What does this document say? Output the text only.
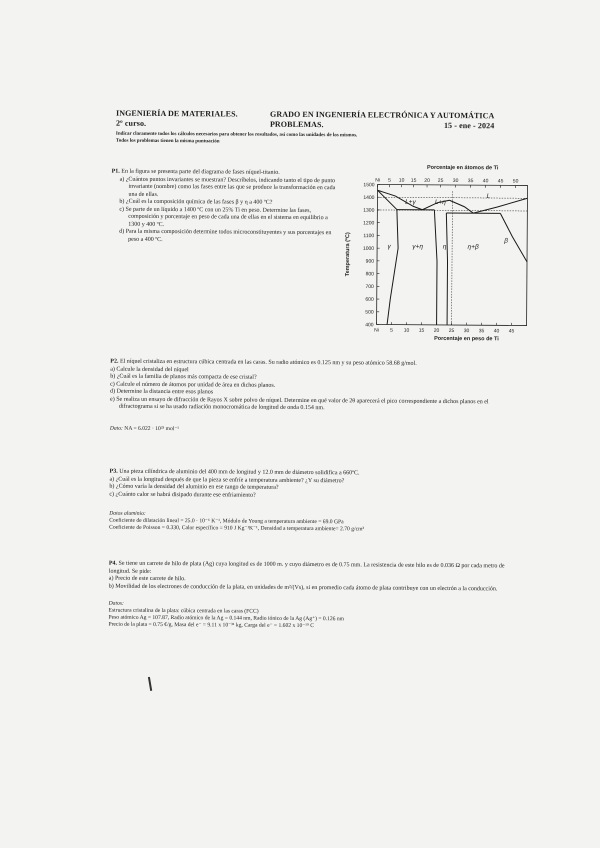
INGENIERÍA DE MATERIALES.
2º curso.
GRADO EN INGENIERÍA ELECTRÓNICA Y AUTOMÁTICA
PROBLEMAS.	15 - ene - 2024
Indicar claramente todos los cálculos necesarios para obtener los resultados, así como las unidades de los mismos.
Todos los problemas tienen la misma puntuación
P1. En la figura se presenta parte del diagrama de fases níquel-titanio.
a) ¿Cuántos puntos invariantes se muestran? Descríbelos, indicando tanto el tipo de punto invariante (nombre) como las fases entre las que se produce la transformación en cada una de ellas.
b) ¿Cuál es la composición química de las fases β y η a 400 ºC?
c) Se parte de un líquido a 1400 ºC con un 25% Ti en peso. Determine las fases, composición y porcentaje en peso de cada una de ellas en el sistema en equilibrio a 1300 y 400 ºC.
d) Para la misma composición determine todos microconstituyentes y sus porcentajes en peso a 400 ºC.
Porcentaje en átomos de Ti
Ni 5 10 15 20 25 30 35 40 45 50
400
500
600
700
800
900
1000
1100
1200
1300
1400
1500
Ni 5 10 15 20 25 30 35 40 45
L
L+γ	L+η
γ	γ+η	η	η+β
β
Temperatura (ºC)
Porcentaje en peso de Ti
P2. El níquel cristaliza en estructura cúbica centrada en las caras. Su radio atómico es 0.125 nm y su peso atómico 58.68 g/mol.
a) Calcule la densidad del níquel
b) ¿Cuál es la familia de planos más compacta de ese cristal?
c) Calcule el número de átomos por unidad de área en dichos planos.
d) Determine la distancia entre esos planos
e) Se realiza un ensayo de difracción de Rayos X sobre polvo de níquel. Determine en qué valor de 2θ aparecerá el pico correspondiente a dichos planos en el difractograma si se ha usado radiación monocromática de longitud de onda 0.154 nm.
Dato: NA = 6.022 · 10²³ mol⁻¹
P3. Una pieza cilíndrica de aluminio del 400 mm de longitud y 12.0 mm de diámetro solidifica a 660ºC.
a) ¿Cuál es la longitud después de que la pieza se enfríe a temperatura ambiente? ¿Y su diámetro?
b) ¿Cómo varía la densidad del aluminio en ese rango de temperatura?
c) ¿Cuánto calor se habrá disipado durante ese enfriamiento?
Datos aluminio:
Coeficiente de dilatación lineal = 25.0 · 10⁻⁶ K⁻¹, Módulo de Young a temperatura ambiente = 69.0 GPa
Coeficiente de Poisson = 0.330, Calor específico = 910 J Kg⁻¹K⁻¹, Densidad a temperatura ambiente= 2.70 g/cm³
P4. Se tiene un carrete de hilo de plata (Ag) cuya longitud es de 1000 m. y cuyo diámetro es de 0.75 mm. La resistencia de este hilo es de 0.036 Ω por cada metro de longitud. Se pide:
a) Precio de este carrete de hilo.
b) Movilidad de los electrones de conducción de la plata, en unidades de m²/(Vs), si en promedio cada átomo de plata contribuye con un electrón a la conducción.
Datos:
Estructura cristalina de la plata: cúbica centrada en las caras (FCC)
Peso atómico Ag = 107.87, Radio atómico de la Ag = 0.144 nm, Radio iónico de la Ag (Ag⁺) = 0.126 nm
Precio de la plata = 0.75 €/g, Masa del e⁻ = 9.11 x 10⁻³¹ kg, Carga del e⁻ = 1.602 x 10⁻¹⁹ C
